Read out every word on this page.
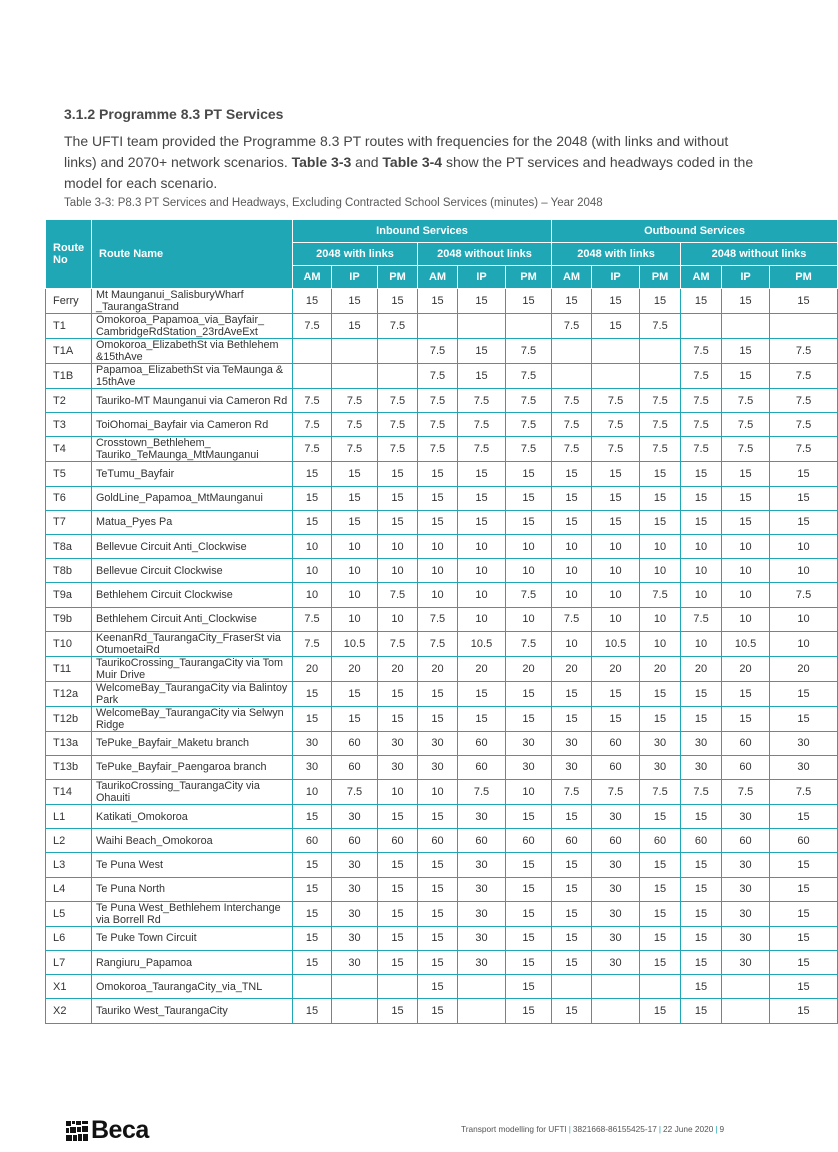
3.1.2 Programme 8.3 PT Services

The UFTI team provided the Programme 8.3 PT routes with frequencies for the 2048 (with links and without links) and 2070+ network scenarios. Table 3-3 and Table 3-4 show the PT services and headways coded in the model for each scenario.

Table 3-3: P8.3 PT Services and Headways, Excluding Contracted School Services (minutes) – Year 2048
Route No	Route Name	Inbound Services						Outbound Services					
		2048 with links			2048 without links			2048 with links			2048 without links		
		AM	IP	PM	AM	IP	PM	AM	IP	PM	AM	IP	PM
Ferry	Mt Maunganui_SalisburyWharf _TaurangaStrand	15	15	15	15	15	15	15	15	15	15	15	15
T1	Omokoroa_Papamoa_via_Bayfair_ CambridgeRdStation_23rdAveExt	7.5	15	7.5				7.5	15	7.5			
T1A	Omokoroa_ElizabethSt via Bethlehem &15thAve				7.5	15	7.5				7.5	15	7.5
T1B	Papamoa_ElizabethSt via TeMaunga & 15thAve				7.5	15	7.5				7.5	15	7.5
T2	Tauriko-MT Maunganui via Cameron Rd	7.5	7.5	7.5	7.5	7.5	7.5	7.5	7.5	7.5	7.5	7.5	7.5
T3	ToiOhomai_Bayfair via Cameron Rd	7.5	7.5	7.5	7.5	7.5	7.5	7.5	7.5	7.5	7.5	7.5	7.5
T4	Crosstown_Bethlehem_ Tauriko_TeMaunga_MtMaunganui	7.5	7.5	7.5	7.5	7.5	7.5	7.5	7.5	7.5	7.5	7.5	7.5
T5	TeTumu_Bayfair	15	15	15	15	15	15	15	15	15	15	15	15
T6	GoldLine_Papamoa_MtMaunganui	15	15	15	15	15	15	15	15	15	15	15	15
T7	Matua_Pyes Pa	15	15	15	15	15	15	15	15	15	15	15	15
T8a	Bellevue Circuit Anti_Clockwise	10	10	10	10	10	10	10	10	10	10	10	10
T8b	Bellevue Circuit Clockwise	10	10	10	10	10	10	10	10	10	10	10	10
T9a	Bethlehem Circuit Clockwise	10	10	7.5	10	10	7.5	10	10	7.5	10	10	7.5
T9b	Bethlehem Circuit Anti_Clockwise	7.5	10	10	7.5	10	10	7.5	10	10	7.5	10	10
T10	KeenanRd_TaurangaCity_FraserSt via OtumoetaiRd	7.5	10.5	7.5	7.5	10.5	7.5	10	10.5	10	10	10.5	10
T11	TaurikoCrossing_TaurangaCity via Tom Muir Drive	20	20	20	20	20	20	20	20	20	20	20	20
T12a	WelcomeBay_TaurangaCity via Balintoy Park	15	15	15	15	15	15	15	15	15	15	15	15
T12b	WelcomeBay_TaurangaCity via Selwyn Ridge	15	15	15	15	15	15	15	15	15	15	15	15
T13a	TePuke_Bayfair_Maketu branch	30	60	30	30	60	30	30	60	30	30	60	30
T13b	TePuke_Bayfair_Paengaroa branch	30	60	30	30	60	30	30	60	30	30	60	30
T14	TaurikoCrossing_TaurangaCity via Ohauiti	10	7.5	10	10	7.5	10	7.5	7.5	7.5	7.5	7.5	7.5
L1	Katikati_Omokoroa	15	30	15	15	30	15	15	30	15	15	30	15
L2	Waihi Beach_Omokoroa	60	60	60	60	60	60	60	60	60	60	60	60
L3	Te Puna West	15	30	15	15	30	15	15	30	15	15	30	15
L4	Te Puna North	15	30	15	15	30	15	15	30	15	15	30	15
L5	Te Puna West_Bethlehem Interchange via Borrell Rd	15	30	15	15	30	15	15	30	15	15	30	15
L6	Te Puke Town Circuit	15	30	15	15	30	15	15	30	15	15	30	15
L7	Rangiuru_Papamoa	15	30	15	15	30	15	15	30	15	15	30	15
X1	Omokoroa_TaurangaCity_via_TNL				15		15				15		15
X2	Tauriko West_TaurangaCity	15		15	15		15	15		15	15		15
Beca	Transport modelling for UFTI | 3821668-86155425-17 | 22 June 2020 | 9
